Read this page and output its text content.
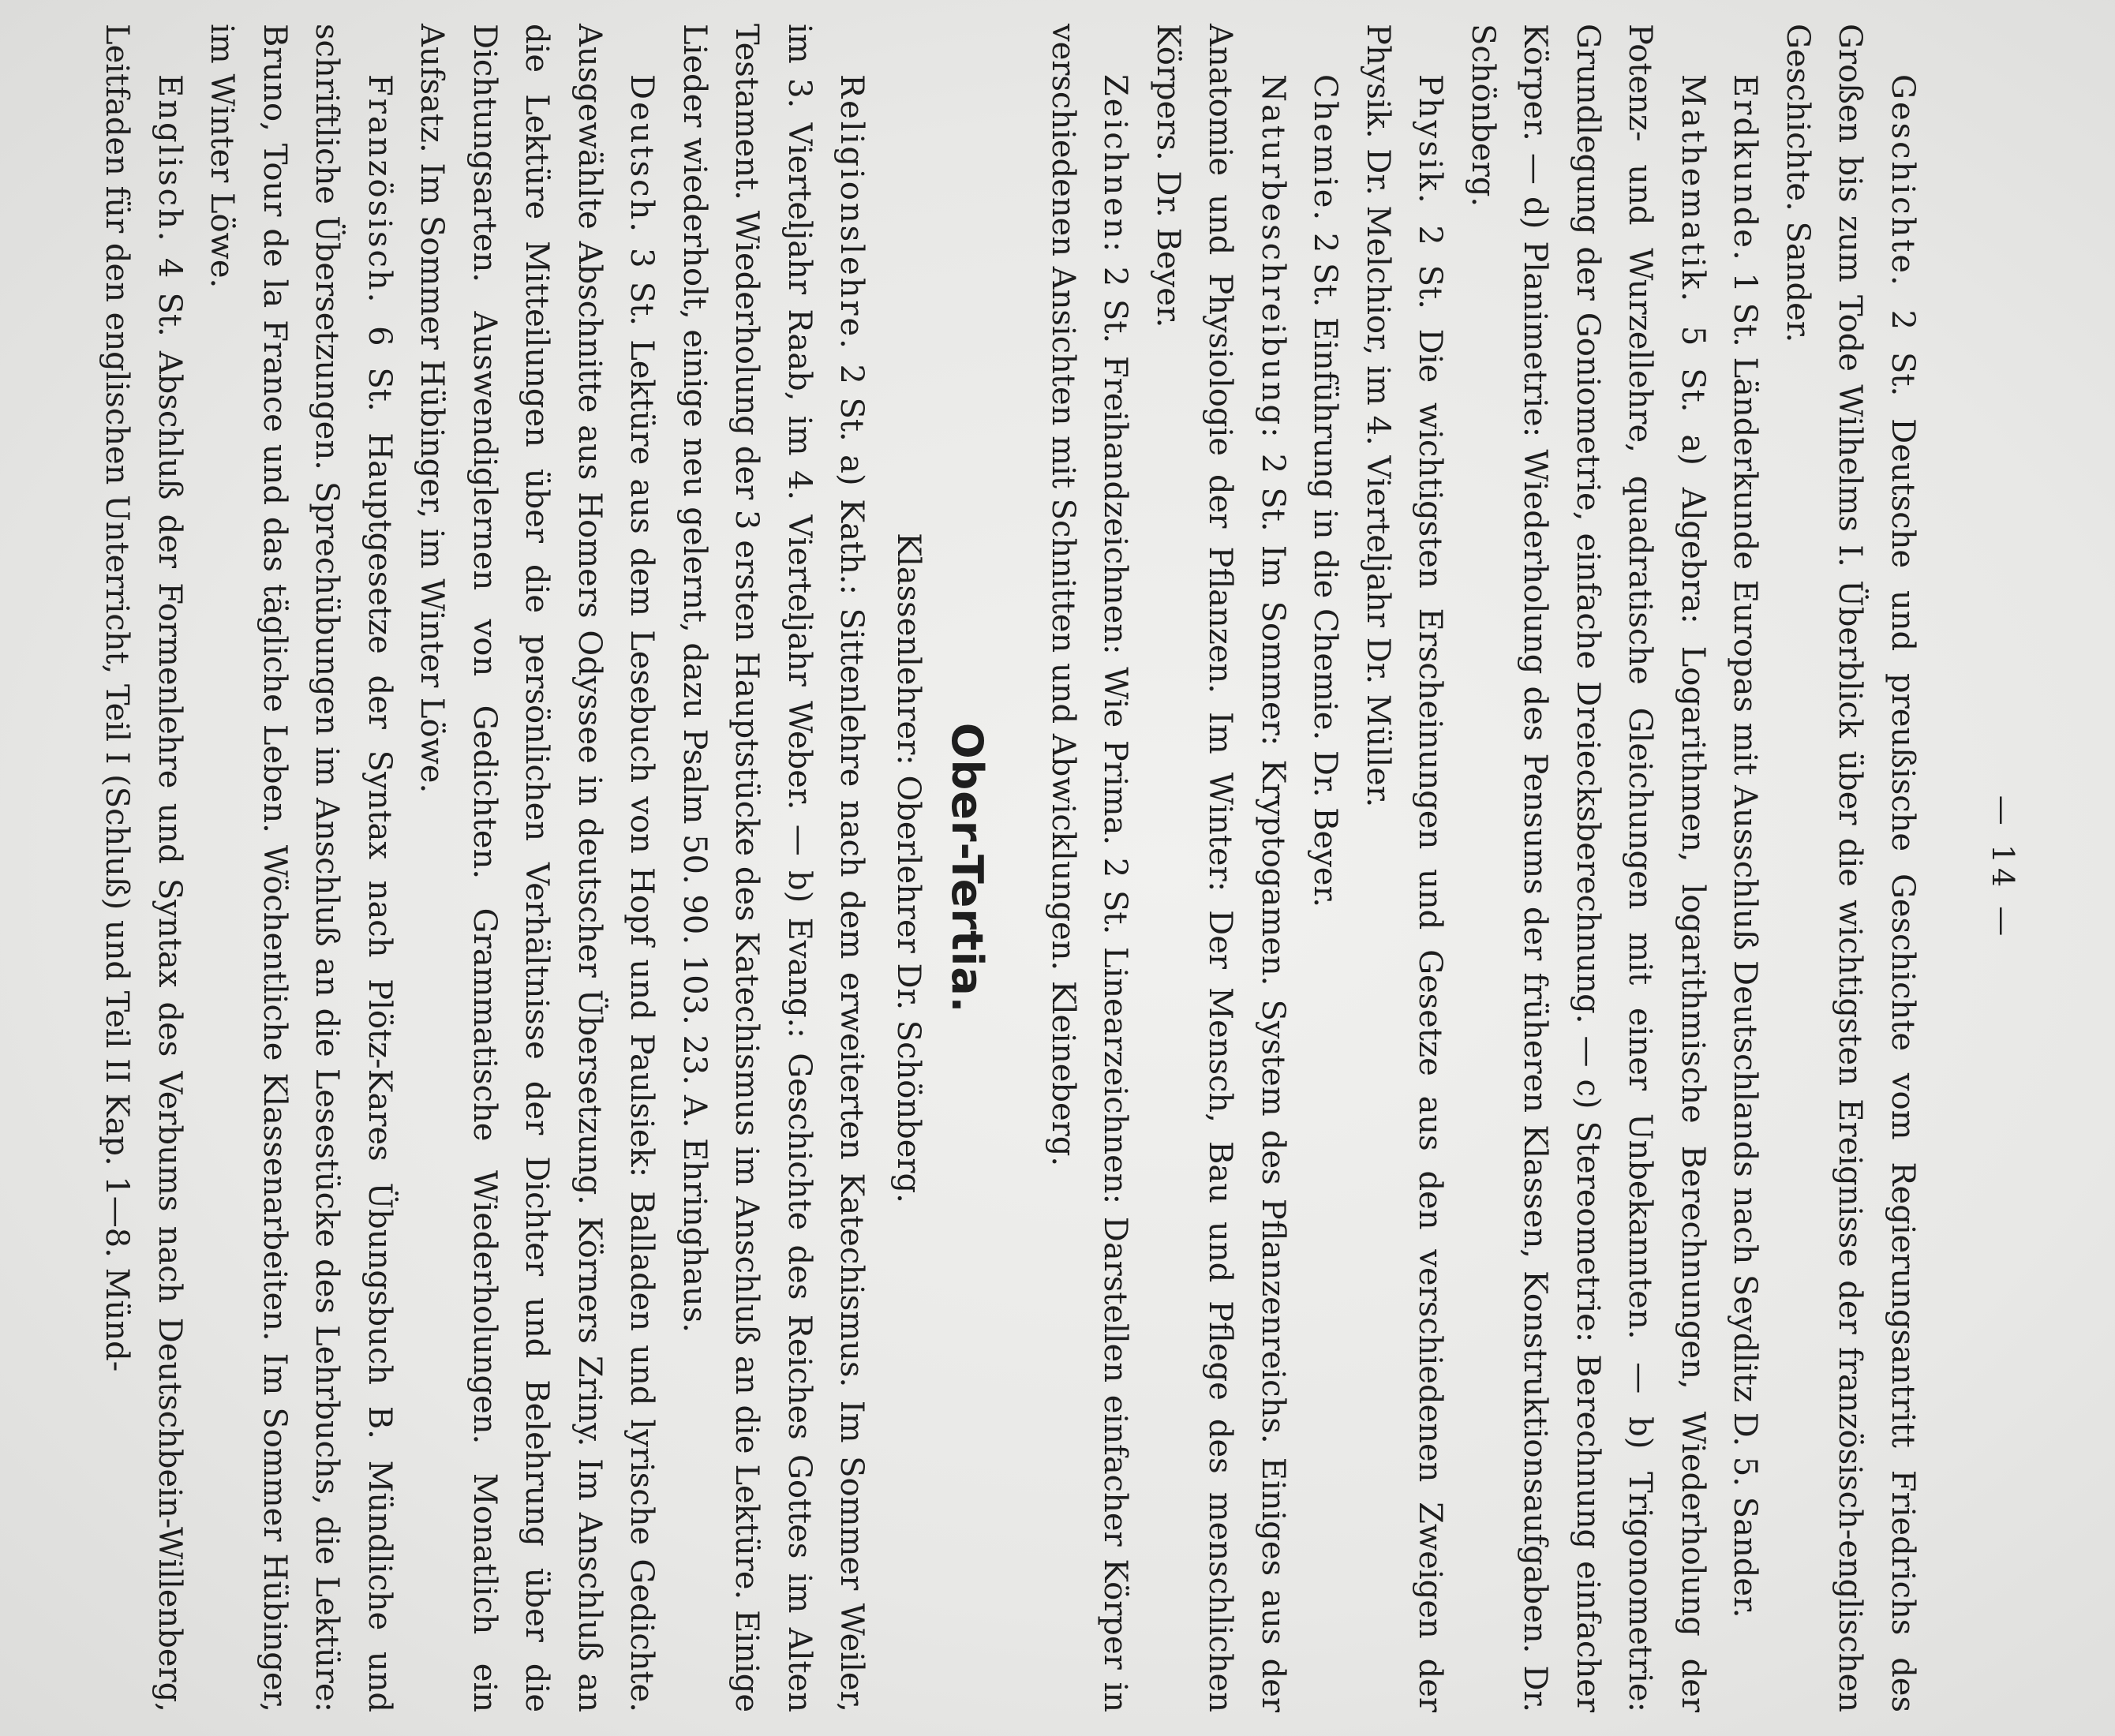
— 14 —

Geschichte. 2 St. Deutsche und preußische Geschichte vom Regierungsantritt Friedrichs des Großen bis zum Tode Wilhelms I. Überblick über die wichtigsten Ereignisse der französisch-englischen Geschichte. Sander.

Erdkunde. 1 St. Länderkunde Europas mit Ausschluß Deutschlands nach Seydlitz D. 5. Sander.

Mathematik. 5 St. a) Algebra: Logarithmen, logarithmische Berechnungen, Wiederholung der Potenz- und Wurzellehre, quadratische Gleichungen mit einer Unbekannten. — b) Trigonometrie: Grundlegung der Goniometrie, einfache Dreiecksberechnung. — c) Stereometrie: Berechnung einfacher Körper. — d) Planimetrie: Wiederholung des Pensums der früheren Klassen, Konstruktionsaufgaben. Dr. Schönberg.

Physik. 2 St. Die wichtigsten Erscheinungen und Gesetze aus den verschiedenen Zweigen der Physik. Dr. Melchior, im 4. Vierteljahr Dr. Müller.

Chemie. 2 St. Einführung in die Chemie. Dr. Beyer.

Naturbeschreibung: 2 St. Im Sommer: Kryptogamen. System des Pflanzenreichs. Einiges aus der Anatomie und Physiologie der Pflanzen. Im Winter: Der Mensch, Bau und Pflege des menschlichen Körpers. Dr. Beyer.

Zeichnen: 2 St. Freihandzeichnen: Wie Prima. 2 St. Linearzeichnen: Darstellen einfacher Körper in verschiedenen Ansichten mit Schnitten und Abwicklungen. Kleineberg.

Ober-Tertia.
Klassenlehrer: Oberlehrer Dr. Schönberg.

Religionslehre. 2 St. a) Kath.: Sittenlehre nach dem erweiterten Katechismus. Im Sommer Weiler, im 3. Vierteljahr Raab, im 4. Vierteljahr Weber. — b) Evang.: Geschichte des Reiches Gottes im Alten Testament. Wiederholung der 3 ersten Hauptstücke des Katechismus im Anschluß an die Lektüre. Einige Lieder wiederholt, einige neu gelernt, dazu Psalm 50. 90. 103. 23. A. Ehringhaus.

Deutsch. 3 St. Lektüre aus dem Lesebuch von Hopf und Paulsiek: Balladen und lyrische Gedichte. Ausgewählte Abschnitte aus Homers Odyssee in deutscher Übersetzung. Körners Zriny. Im Anschluß an die Lektüre Mitteilungen über die persönlichen Verhältnisse der Dichter und Belehrung über die Dichtungsarten. Auswendiglernen von Gedichten. Grammatische Wiederholungen. Monatlich ein Aufsatz. Im Sommer Hübinger, im Winter Löwe.

Französisch. 6 St. Hauptgesetze der Syntax nach Plötz-Kares Übungsbuch B. Mündliche und schriftliche Übersetzungen. Sprechübungen im Anschluß an die Lesestücke des Lehrbuchs, die Lektüre: Bruno, Tour de la France und das tägliche Leben. Wöchentliche Klassenarbeiten. Im Sommer Hübinger, im Winter Löwe.

Englisch. 4 St. Abschluß der Formenlehre und Syntax des Verbums nach Deutschbein-Willenberg, Leitfaden für den englischen Unterricht, Teil I (Schluß) und Teil II Kap. 1—8. Münd-
